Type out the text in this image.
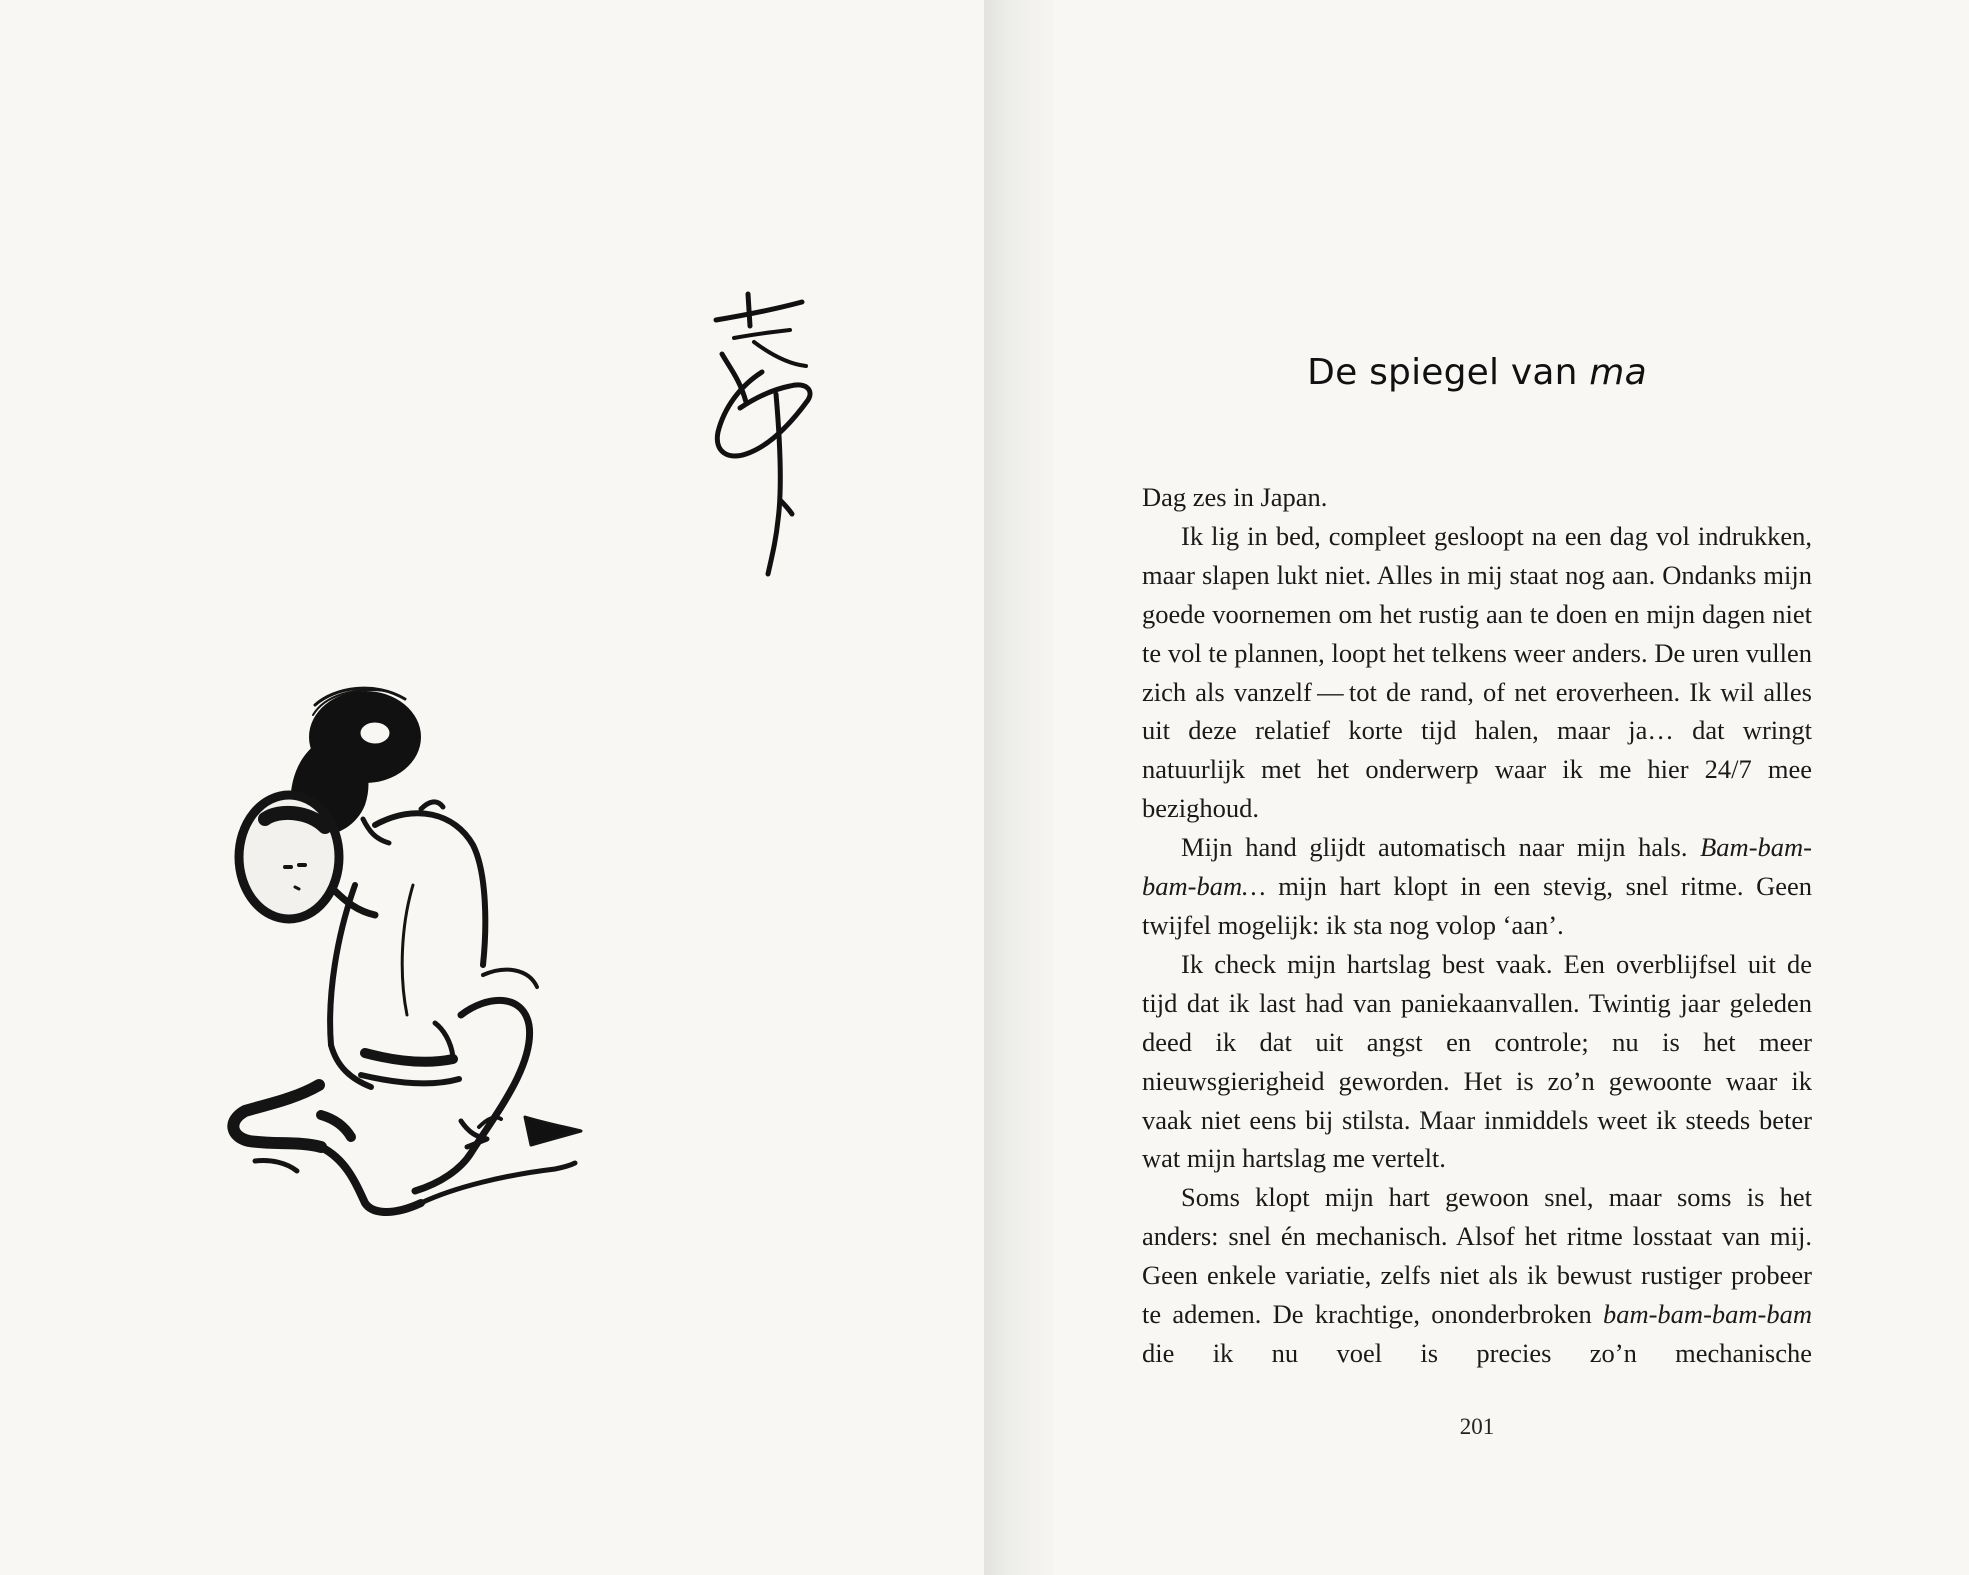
De spiegel van ma

Dag zes in Japan.

Ik lig in bed, compleet gesloopt na een dag vol indrukken, maar slapen lukt niet. Alles in mij staat nog aan. Ondanks mijn goede voornemen om het rustig aan te doen en mijn dagen niet te vol te plannen, loopt het telkens weer anders. De uren vullen zich als vanzelf — tot de rand, of net eroverheen. Ik wil alles uit deze relatief korte tijd halen, maar ja… dat wringt natuurlijk met het onderwerp waar ik me hier 24/7 mee bezighoud.

Mijn hand glijdt automatisch naar mijn hals. Bam-bam-bam-bam… mijn hart klopt in een stevig, snel ritme. Geen twijfel mogelijk: ik sta nog volop ‘aan’.

Ik check mijn hartslag best vaak. Een overblijfsel uit de tijd dat ik last had van paniekaanvallen. Twintig jaar geleden deed ik dat uit angst en controle; nu is het meer nieuwsgierigheid geworden. Het is zo’n gewoonte waar ik vaak niet eens bij stilsta. Maar inmiddels weet ik steeds beter wat mijn hartslag me vertelt.

Soms klopt mijn hart gewoon snel, maar soms is het anders: snel én mechanisch. Alsof het ritme losstaat van mij. Geen enkele variatie, zelfs niet als ik bewust rustiger probeer te ademen. De krachtige, ononderbroken bam-bam-bam-bam die ik nu voel is precies zo’n mechanische

201
